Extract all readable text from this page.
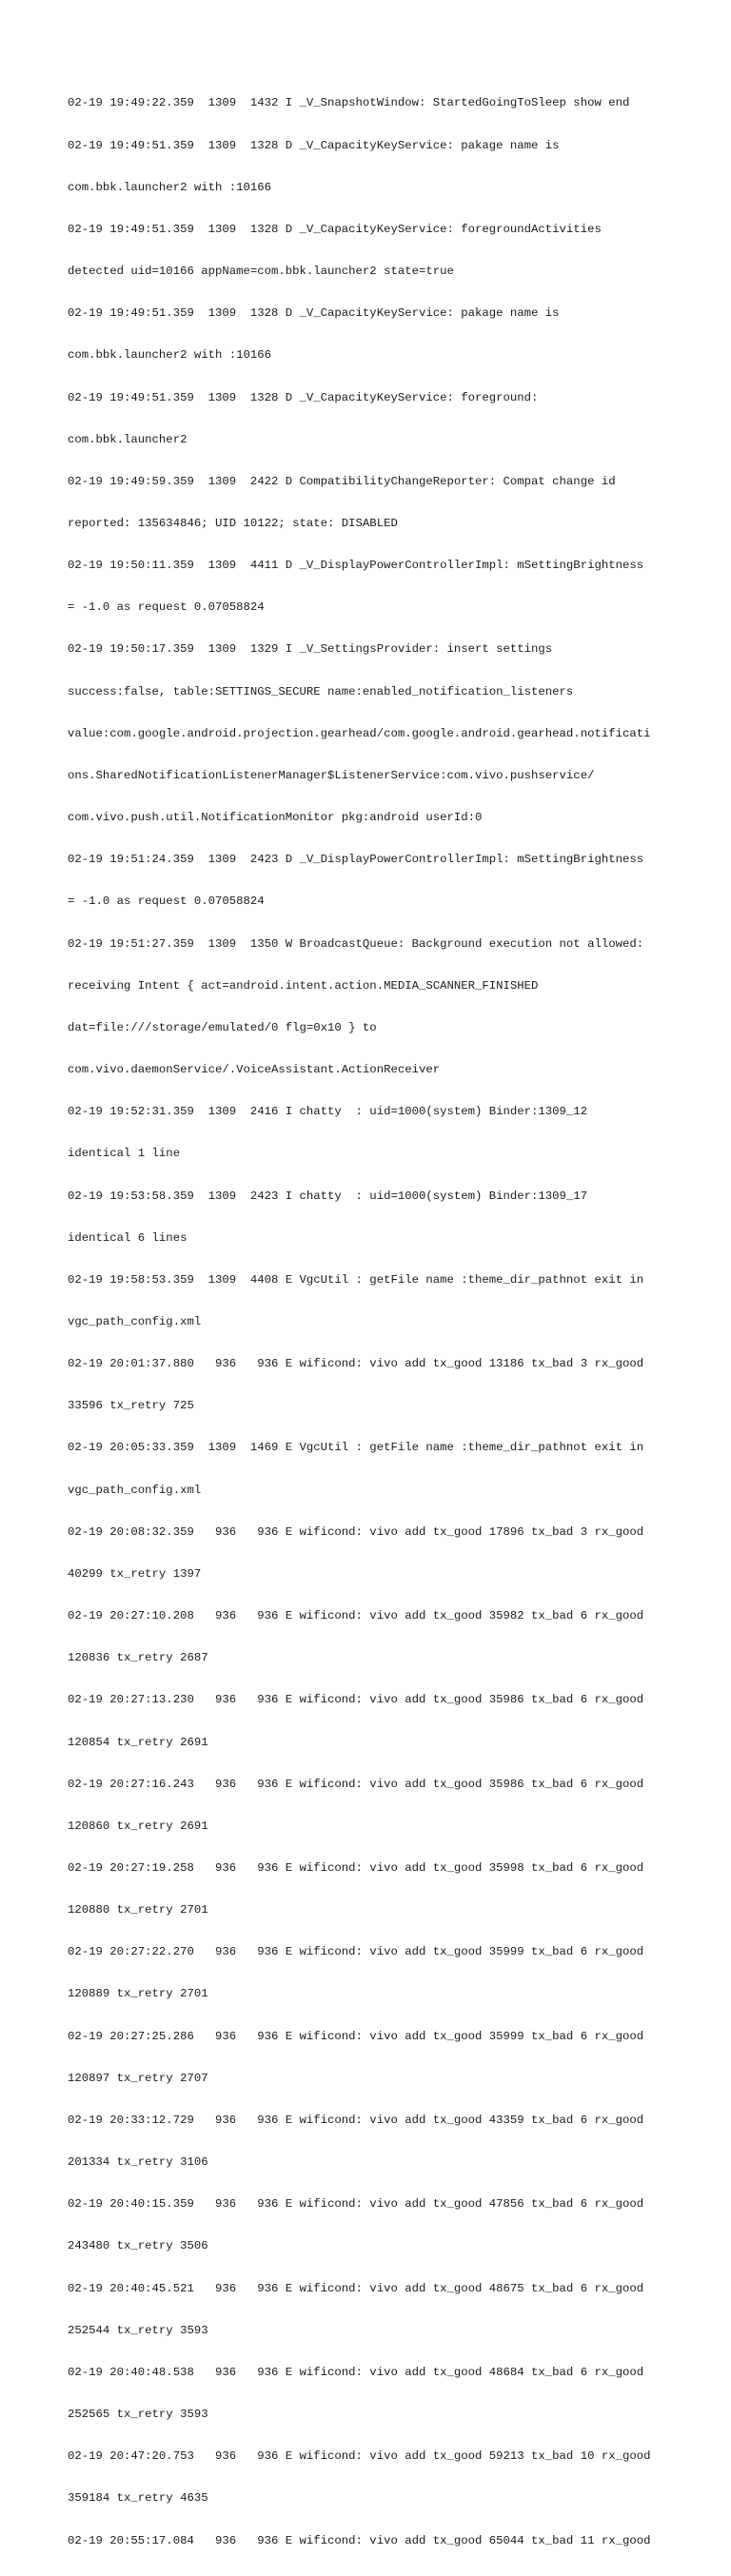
02-19 19:49:22.359  1309  1432 I _V_SnapshotWindow: StartedGoingToSleep show end

02-19 19:49:51.359  1309  1328 D _V_CapacityKeyService: pakage name is

com.bbk.launcher2 with :10166

02-19 19:49:51.359  1309  1328 D _V_CapacityKeyService: foregroundActivities

detected uid=10166 appName=com.bbk.launcher2 state=true

02-19 19:49:51.359  1309  1328 D _V_CapacityKeyService: pakage name is

com.bbk.launcher2 with :10166

02-19 19:49:51.359  1309  1328 D _V_CapacityKeyService: foreground:

com.bbk.launcher2

02-19 19:49:59.359  1309  2422 D CompatibilityChangeReporter: Compat change id

reported: 135634846; UID 10122; state: DISABLED

02-19 19:50:11.359  1309  4411 D _V_DisplayPowerControllerImpl: mSettingBrightness

= -1.0 as request 0.07058824

02-19 19:50:17.359  1309  1329 I _V_SettingsProvider: insert settings

success:false, table:SETTINGS_SECURE name:enabled_notification_listeners

value:com.google.android.projection.gearhead/com.google.android.gearhead.notificati

ons.SharedNotificationListenerManager$ListenerService:com.vivo.pushservice/

com.vivo.push.util.NotificationMonitor pkg:android userId:0

02-19 19:51:24.359  1309  2423 D _V_DisplayPowerControllerImpl: mSettingBrightness

= -1.0 as request 0.07058824

02-19 19:51:27.359  1309  1350 W BroadcastQueue: Background execution not allowed:

receiving Intent { act=android.intent.action.MEDIA_SCANNER_FINISHED

dat=file:///storage/emulated/0 flg=0x10 } to

com.vivo.daemonService/.VoiceAssistant.ActionReceiver

02-19 19:52:31.359  1309  2416 I chatty  : uid=1000(system) Binder:1309_12

identical 1 line

02-19 19:53:58.359  1309  2423 I chatty  : uid=1000(system) Binder:1309_17

identical 6 lines

02-19 19:58:53.359  1309  4408 E VgcUtil : getFile name :theme_dir_pathnot exit in

vgc_path_config.xml

02-19 20:01:37.880   936   936 E wificond: vivo add tx_good 13186 tx_bad 3 rx_good

33596 tx_retry 725

02-19 20:05:33.359  1309  1469 E VgcUtil : getFile name :theme_dir_pathnot exit in

vgc_path_config.xml

02-19 20:08:32.359   936   936 E wificond: vivo add tx_good 17896 tx_bad 3 rx_good

40299 tx_retry 1397

02-19 20:27:10.208   936   936 E wificond: vivo add tx_good 35982 tx_bad 6 rx_good

120836 tx_retry 2687

02-19 20:27:13.230   936   936 E wificond: vivo add tx_good 35986 tx_bad 6 rx_good

120854 tx_retry 2691

02-19 20:27:16.243   936   936 E wificond: vivo add tx_good 35986 tx_bad 6 rx_good

120860 tx_retry 2691

02-19 20:27:19.258   936   936 E wificond: vivo add tx_good 35998 tx_bad 6 rx_good

120880 tx_retry 2701

02-19 20:27:22.270   936   936 E wificond: vivo add tx_good 35999 tx_bad 6 rx_good

120889 tx_retry 2701

02-19 20:27:25.286   936   936 E wificond: vivo add tx_good 35999 tx_bad 6 rx_good

120897 tx_retry 2707

02-19 20:33:12.729   936   936 E wificond: vivo add tx_good 43359 tx_bad 6 rx_good

201334 tx_retry 3106

02-19 20:40:15.359   936   936 E wificond: vivo add tx_good 47856 tx_bad 6 rx_good

243480 tx_retry 3506

02-19 20:40:45.521   936   936 E wificond: vivo add tx_good 48675 tx_bad 6 rx_good

252544 tx_retry 3593

02-19 20:40:48.538   936   936 E wificond: vivo add tx_good 48684 tx_bad 6 rx_good

252565 tx_retry 3593

02-19 20:47:20.753   936   936 E wificond: vivo add tx_good 59213 tx_bad 10 rx_good

359184 tx_retry 4635

02-19 20:55:17.084   936   936 E wificond: vivo add tx_good 65044 tx_bad 11 rx_good
